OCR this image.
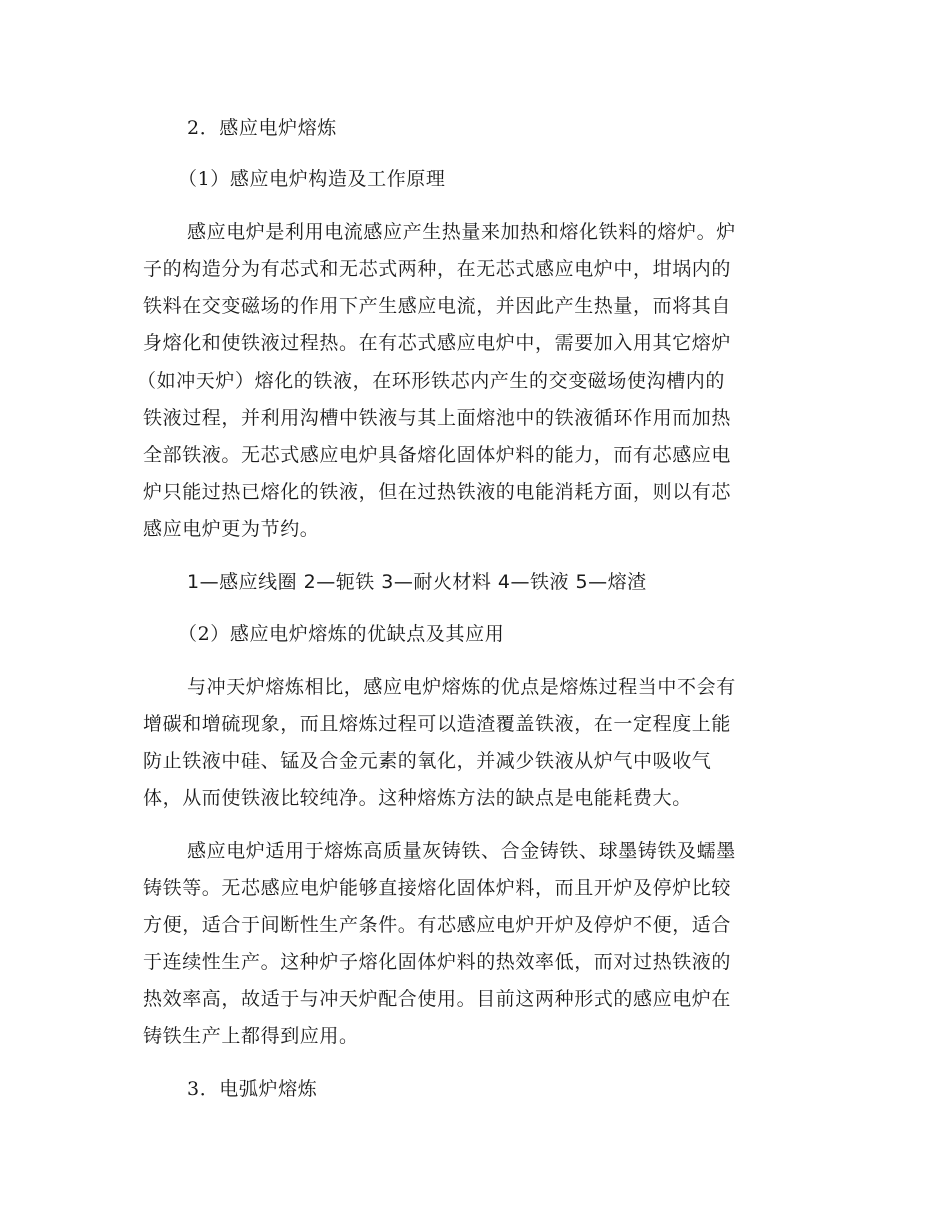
2．感应电炉熔炼
（1）感应电炉构造及工作原理
感应电炉是利用电流感应产生热量来加热和熔化铁料的熔炉。炉
子的构造分为有芯式和无芯式两种，在无芯式感应电炉中，坩埚内的
铁料在交变磁场的作用下产生感应电流，并因此产生热量，而将其自
身熔化和使铁液过程热。在有芯式感应电炉中，需要加入用其它熔炉
（如冲天炉）熔化的铁液，在环形铁芯内产生的交变磁场使沟槽内的
铁液过程，并利用沟槽中铁液与其上面熔池中的铁液循环作用而加热
全部铁液。无芯式感应电炉具备熔化固体炉料的能力，而有芯感应电
炉只能过热已熔化的铁液，但在过热铁液的电能消耗方面，则以有芯
感应电炉更为节约。
1—感应线圈 2—轭铁 3—耐火材料 4—铁液 5—熔渣
（2）感应电炉熔炼的优缺点及其应用
与冲天炉熔炼相比，感应电炉熔炼的优点是熔炼过程当中不会有
增碳和增硫现象，而且熔炼过程可以造渣覆盖铁液，在一定程度上能
防止铁液中硅、锰及合金元素的氧化，并减少铁液从炉气中吸收气
体，从而使铁液比较纯净。这种熔炼方法的缺点是电能耗费大。
感应电炉适用于熔炼高质量灰铸铁、合金铸铁、球墨铸铁及蠕墨
铸铁等。无芯感应电炉能够直接熔化固体炉料，而且开炉及停炉比较
方便，适合于间断性生产条件。有芯感应电炉开炉及停炉不便，适合
于连续性生产。这种炉子熔化固体炉料的热效率低，而对过热铁液的
热效率高，故适于与冲天炉配合使用。目前这两种形式的感应电炉在
铸铁生产上都得到应用。
3．电弧炉熔炼
